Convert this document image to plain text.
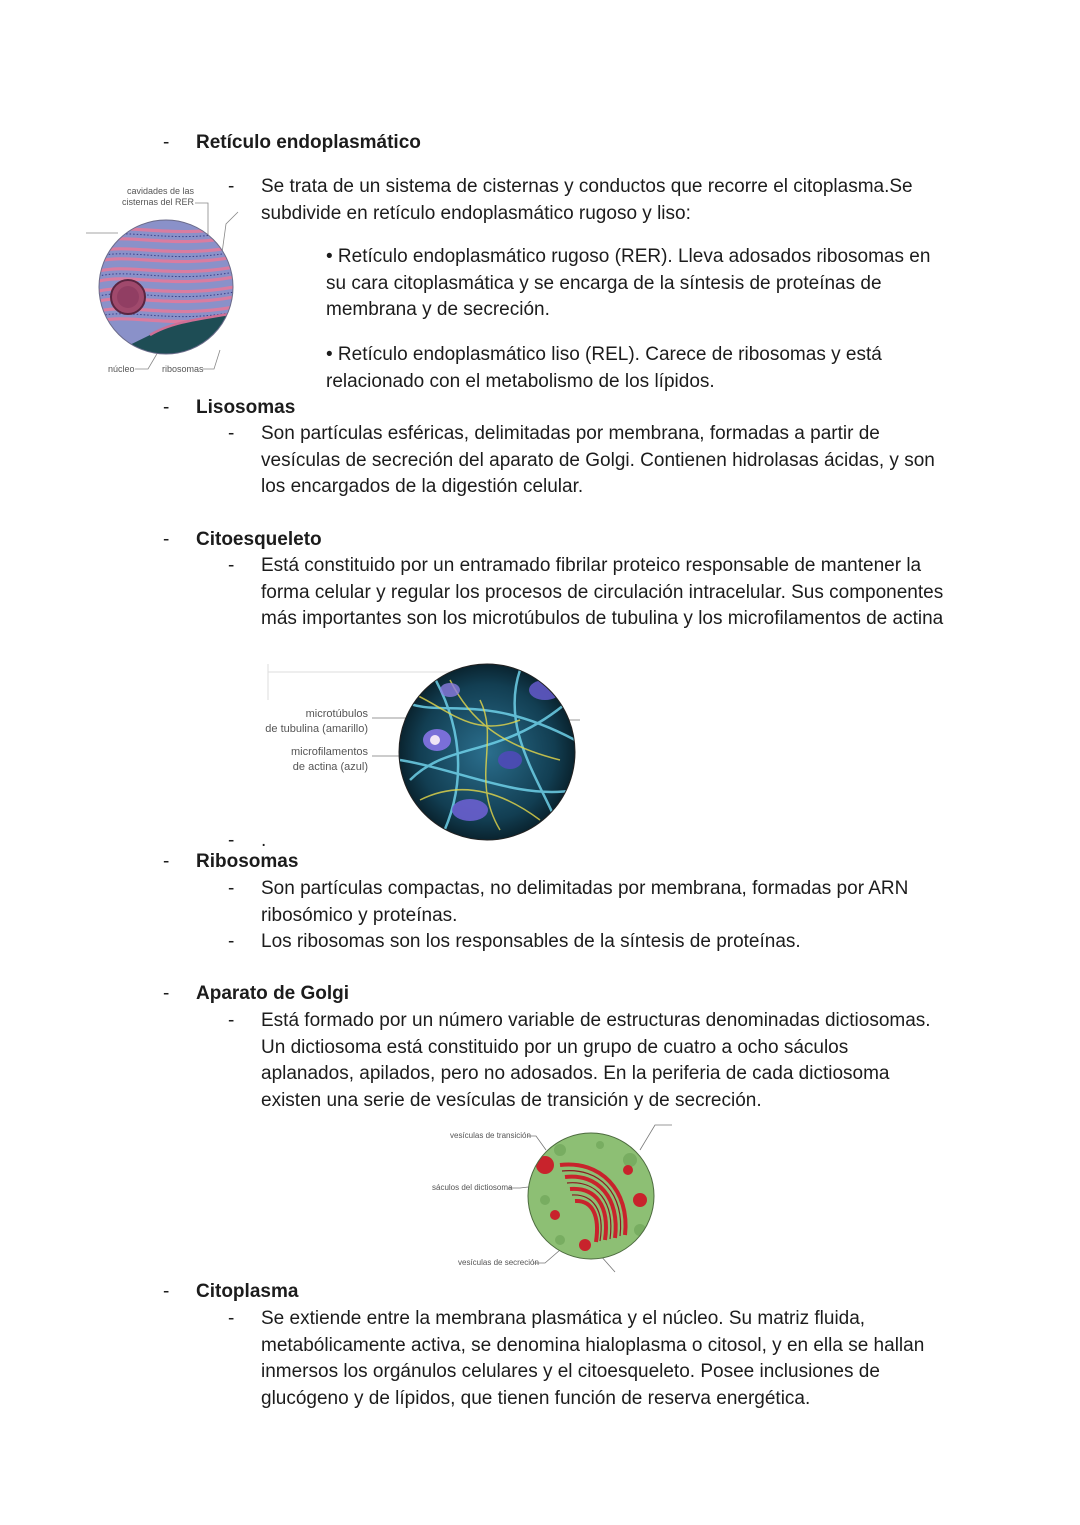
- Retículo endoplasmático
- Se trata de un sistema de cisternas y conductos que recorre el citoplasma.Se subdivide en retículo endoplasmático rugoso y liso:
• Retículo endoplasmático rugoso (RER). Lleva adosados ribosomas en su cara citoplasmática y se encarga de la síntesis de proteínas de membrana y de secreción.
• Retículo endoplasmático liso (REL). Carece de ribosomas y está relacionado con el metabolismo de los lípidos.
cavidades de las cisternas del RER
núcleo	ribosomas
- Lisosomas
- Son partículas esféricas, delimitadas por membrana, formadas a partir de vesículas de secreción del aparato de Golgi. Contienen hidrolasas ácidas, y son los encargados de la digestión celular.
- Citoesqueleto
- Está constituido por un entramado fibrilar proteico responsable de mantener la forma celular y regular los procesos de circulación intracelular. Sus componentes más importantes son los microtúbulos de tubulina y los microfilamentos de actina
microtúbulos
de tubulina (amarillo)
microfilamentos
de actina (azul)
- .
- Ribosomas
- Son partículas compactas, no delimitadas por membrana, formadas por ARN ribosómico y proteínas.
- Los ribosomas son los responsables de la síntesis de proteínas.
- Aparato de Golgi
- Está formado por un número variable de estructuras denominadas dictiosomas. Un dictiosoma está constituido por un grupo de cuatro a ocho sáculos aplanados, apilados, pero no adosados. En la periferia de cada dictiosoma existen una serie de vesículas de transición y de secreción.
vesículas de transición
sáculos del dictiosoma
vesículas de secreción
- Citoplasma
- Se extiende entre la membrana plasmática y el núcleo. Su matriz fluida, metabólicamente activa, se denomina hialoplasma o citosol, y en ella se hallan inmersos los orgánulos celulares y el citoesqueleto. Posee inclusiones de glucógeno y de lípidos, que tienen función de reserva energética.
